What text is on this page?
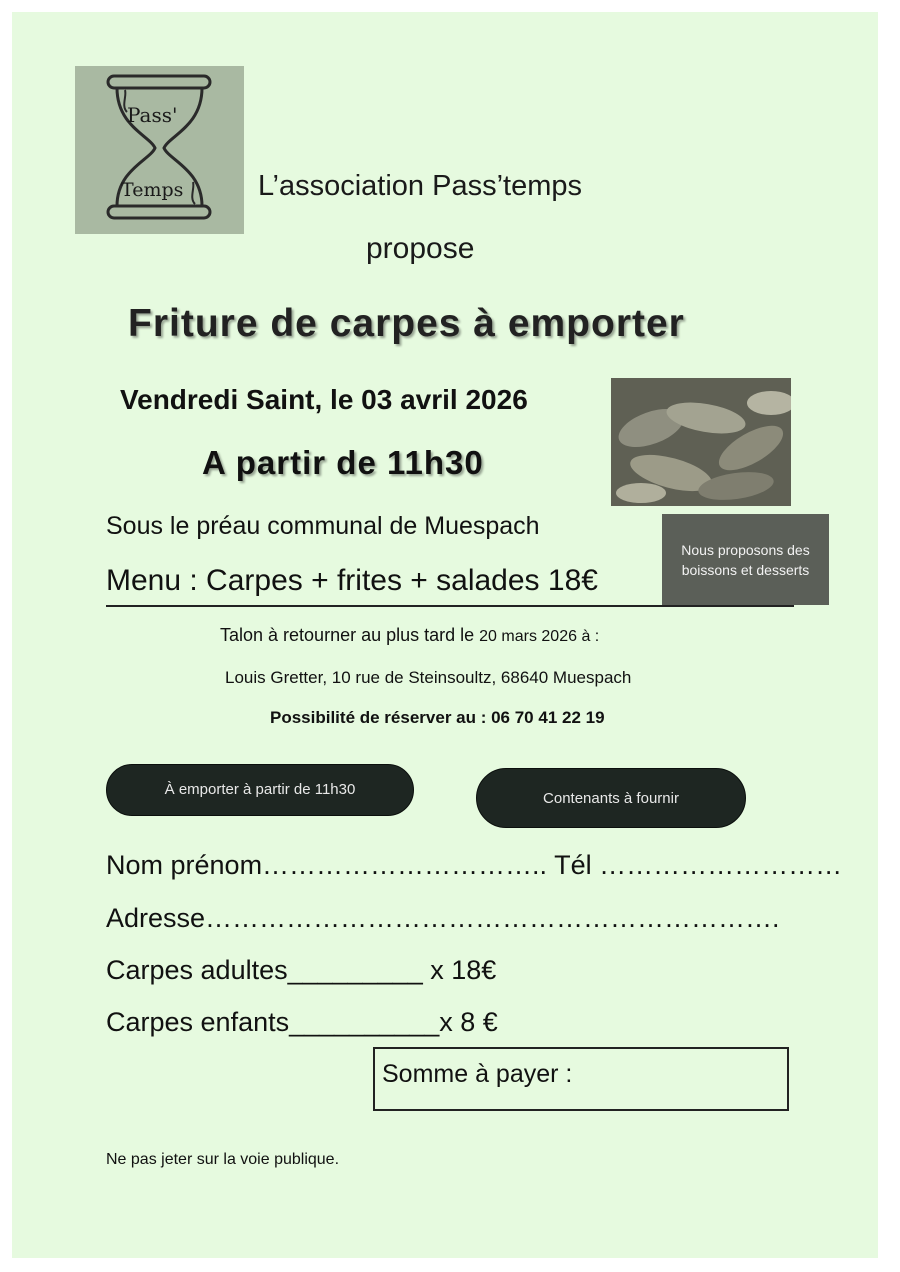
Pass'
Temps	L’association Pass’temps
propose
Friture de carpes à emporter
Vendredi Saint, le 03 avril 2026
A partir de 11h30
Sous le préau communal de Muespach
Nous proposons des boissons et desserts
Menu : Carpes + frites + salades 18€
Talon à retourner au plus tard le 20 mars 2026 à :
Louis Gretter, 10 rue de Steinsoultz, 68640 Muespach
Possibilité de réserver au : 06 70 41 22 19
À emporter à partir de 11h30
Contenants à fournir
Nom prénom………………………….. Tél ………………………
Adresse……………………………………………………….
Carpes adultes_________ x 18€
Carpes enfants__________x 8 €
Somme à payer :
Ne pas jeter sur la voie publique.
